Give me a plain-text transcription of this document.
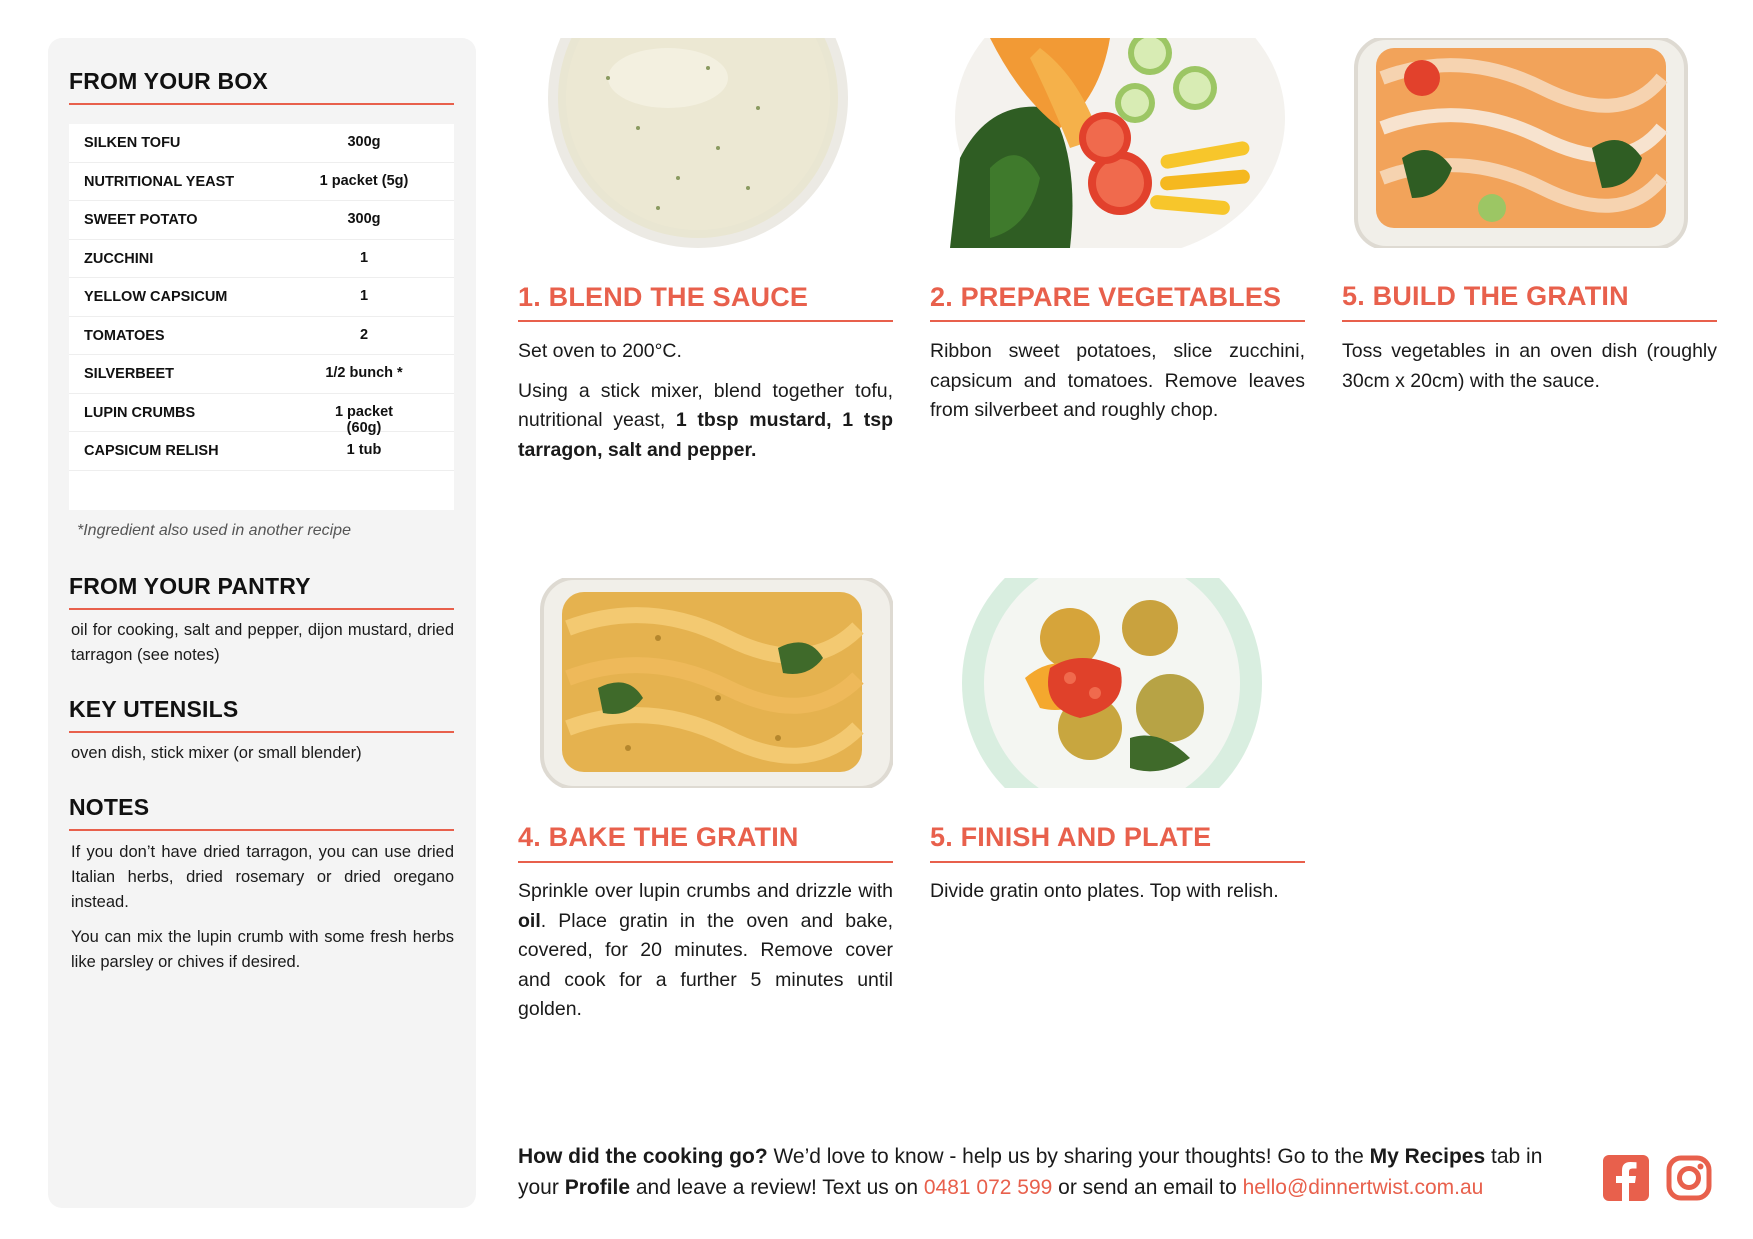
FROM YOUR BOX
SILKEN TOFU	300g
NUTRITIONAL YEAST	1 packet (5g)
SWEET POTATO	300g
ZUCCHINI	1
YELLOW CAPSICUM	1
TOMATOES	2
SILVERBEET	1/2 bunch *
LUPIN CRUMBS	1 packet (60g)
CAPSICUM RELISH	1 tub
*Ingredient also used in another recipe
FROM YOUR PANTRY
oil for cooking, salt and pepper, dijon mustard, dried tarragon (see notes)
KEY UTENSILS
oven dish, stick mixer (or small blender)
NOTES
If you don’t have dried tarragon, you can use dried Italian herbs, dried rosemary or dried oregano instead.
You can mix the lupin crumb with some fresh herbs like parsley or chives if desired.
1. BLEND THE SAUCE

Set oven to 200°C.

Using a stick mixer, blend together tofu, nutritional yeast, 1 tbsp mustard, 1 tsp tarragon, salt and pepper.

2. PREPARE VEGETABLES
Ribbon sweet potatoes, slice zucchini, capsicum and tomatoes. Remove leaves from silverbeet and roughly chop.
5. BUILD THE GRATIN
Toss vegetables in an oven dish (roughly 30cm x 20cm) with the sauce.
4. BAKE THE GRATIN
Sprinkle over lupin crumbs and drizzle with oil. Place gratin in the oven and bake, covered, for 20 minutes. Remove cover and cook for a further 5 minutes until golden.
5. FINISH AND PLATE
Divide gratin onto plates. Top with relish.
How did the cooking go? We’d love to know - help us by sharing your thoughts! Go to the My Recipes tab in your Profile and leave a review! Text us on 0481 072 599 or send an email to hello@dinnertwist.com.au
